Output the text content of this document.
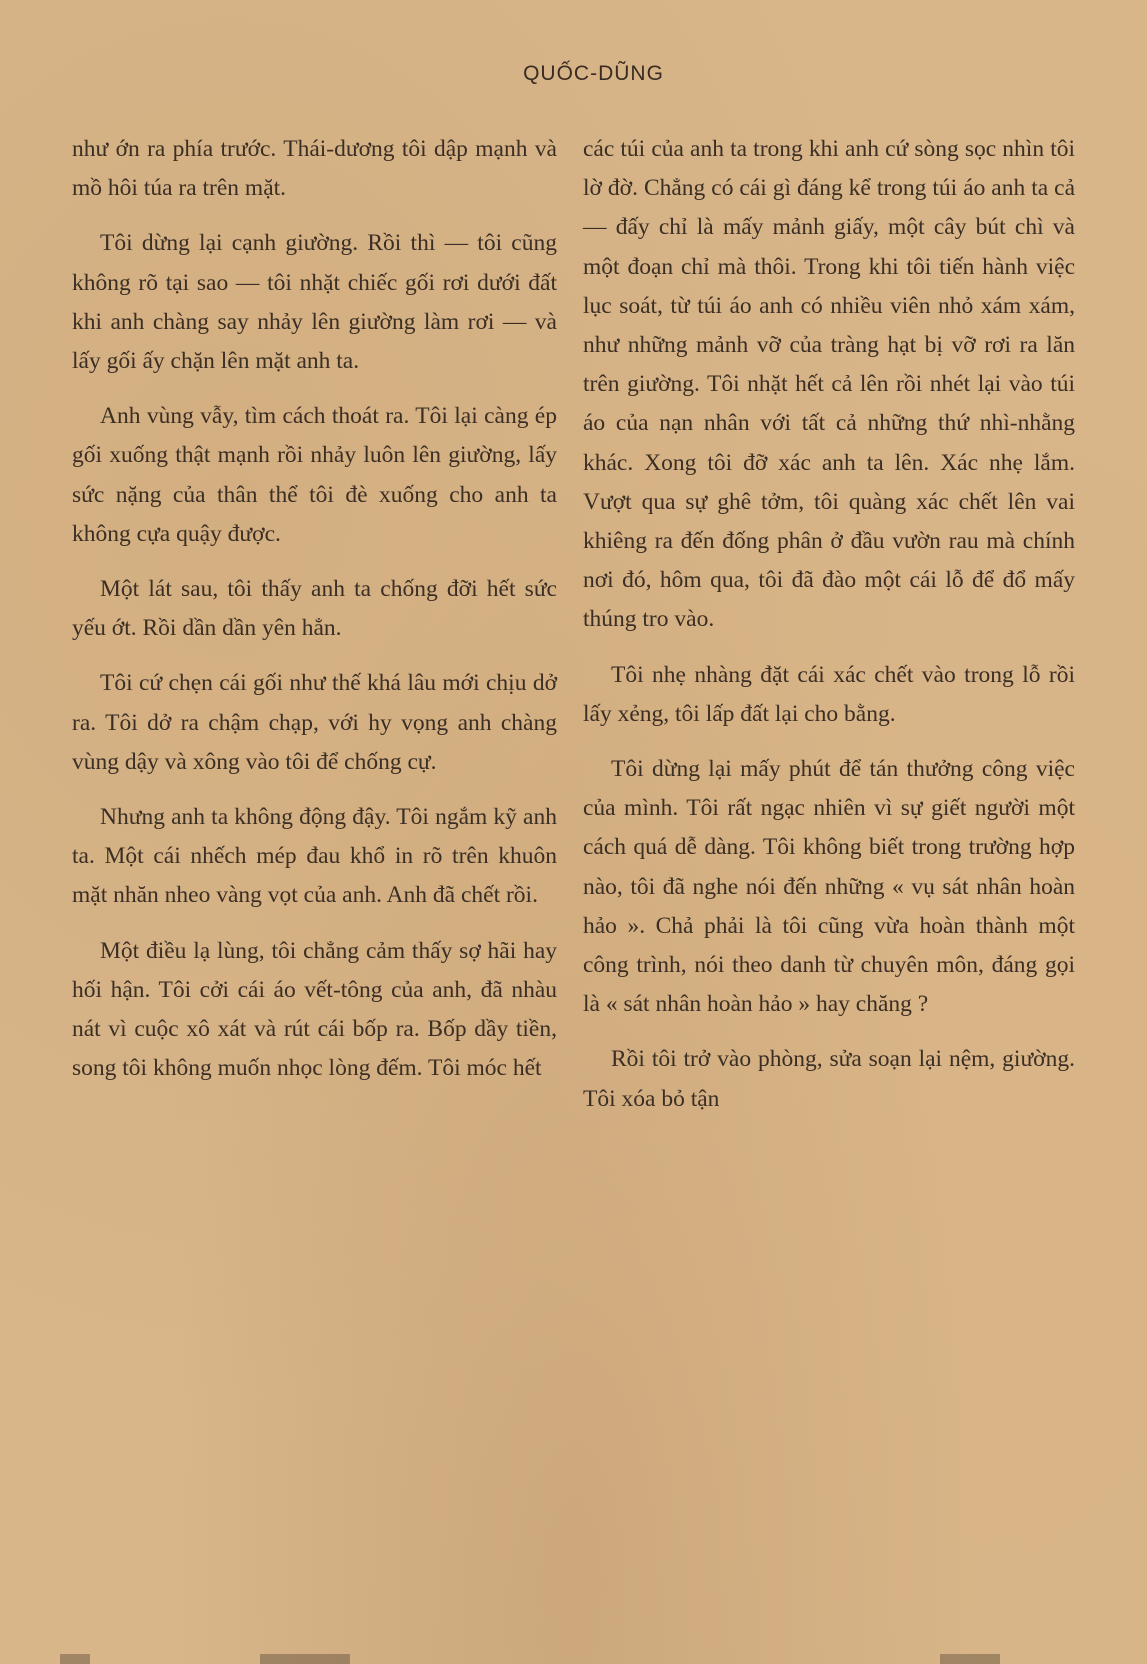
QUỐC-DŨNG

như ớn ra phía trước. Thái-dương tôi dập mạnh và mồ hôi túa ra trên mặt.

Tôi dừng lại cạnh giường. Rồi thì — tôi cũng không rõ tại sao — tôi nhặt chiếc gối rơi dưới đất khi anh chàng say nhảy lên giường làm rơi — và lấy gối ấy chặn lên mặt anh ta.

Anh vùng vẫy, tìm cách thoát ra. Tôi lại càng ép gối xuống thật mạnh rồi nhảy luôn lên giường, lấy sức nặng của thân thể tôi đè xuống cho anh ta không cựa quậy được.

Một lát sau, tôi thấy anh ta chống đỡi hết sức yếu ớt. Rồi dần dần yên hẳn.

Tôi cứ chẹn cái gối như thế khá lâu mới chịu dở ra. Tôi dở ra chậm chạp, với hy vọng anh chàng vùng dậy và xông vào tôi để chống cự.

Nhưng anh ta không động đậy. Tôi ngắm kỹ anh ta. Một cái nhếch mép đau khổ in rõ trên khuôn mặt nhăn nheo vàng vọt của anh. Anh đã chết rồi.

Một điều lạ lùng, tôi chẳng cảm thấy sợ hãi hay hối hận. Tôi cởi cái áo vết-tông của anh, đã nhàu nát vì cuộc xô xát và rút cái bốp ra. Bốp dầy tiền, song tôi không muốn nhọc lòng đếm. Tôi móc hết

các túi của anh ta trong khi anh cứ sòng sọc nhìn tôi lờ đờ. Chẳng có cái gì đáng kể trong túi áo anh ta cả — đấy chỉ là mấy mảnh giấy, một cây bút chì và một đoạn chỉ mà thôi. Trong khi tôi tiến hành việc lục soát, từ túi áo anh có nhiều viên nhỏ xám xám, như những mảnh vỡ của tràng hạt bị vỡ rơi ra lăn trên giường. Tôi nhặt hết cả lên rồi nhét lại vào túi áo của nạn nhân với tất cả những thứ nhì-nhằng khác. Xong tôi đỡ xác anh ta lên. Xác nhẹ lắm. Vượt qua sự ghê tởm, tôi quàng xác chết lên vai khiêng ra đến đống phân ở đầu vườn rau mà chính nơi đó, hôm qua, tôi đã đào một cái lỗ để đổ mấy thúng tro vào.

Tôi nhẹ nhàng đặt cái xác chết vào trong lỗ rồi lấy xẻng, tôi lấp đất lại cho bằng.

Tôi dừng lại mấy phút để tán thưởng công việc của mình. Tôi rất ngạc nhiên vì sự giết người một cách quá dễ dàng. Tôi không biết trong trường hợp nào, tôi đã nghe nói đến những « vụ sát nhân hoàn hảo ». Chả phải là tôi cũng vừa hoàn thành một công trình, nói theo danh từ chuyên môn, đáng gọi là « sát nhân hoàn hảo » hay chăng ?

Rồi tôi trở vào phòng, sửa soạn lại nệm, giường. Tôi xóa bỏ tận
